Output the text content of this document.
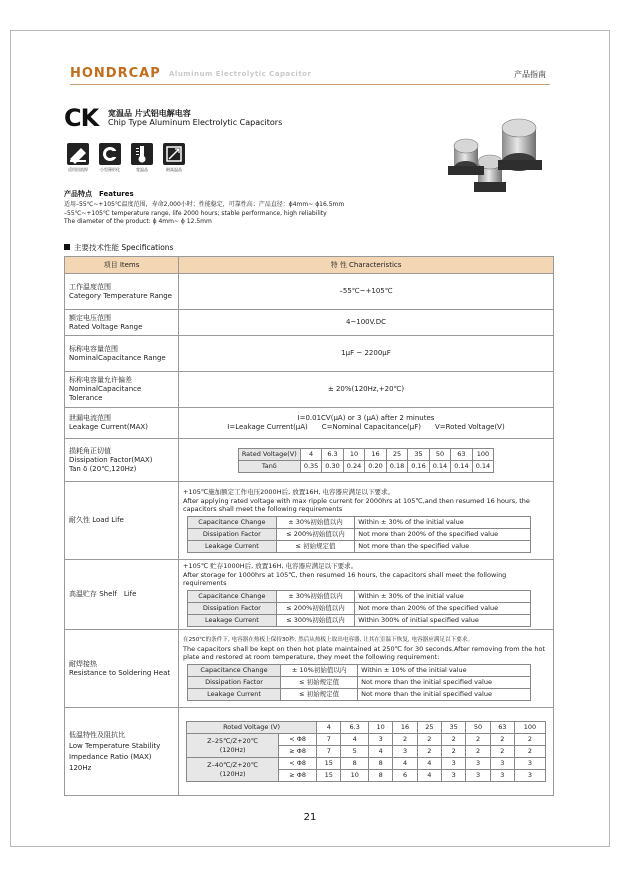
HONDRCAP Aluminum Electrolytic Capacitor	产品指南
CK 宽温品 片式铝电解电容
Chip Type Aluminum Electrolytic Capacitors
适用回流焊	小型薄形化	宽温品	耐高温品
产品特点　Features
适用–55℃~+105℃温度范围，寿命2,000小时；性能稳定，可靠性高；产品直径：ϕ4mm~ ϕ16.5mm
–55℃~+105℃ temperature range, life 2000 hours; stable performance, high reliability
The diameter of the product: ϕ 4mm~ ϕ 12.5mm
主要技术性能 Specifications
项目 Items	特 性 Characteristics

工作温度范围
Category Temperature Range
	–55℃~+105℃

额定电压范围
Rated Voltage Range
	4~100V.DC

标称电容量范围
NominalCapacitance Range
	1μF ~ 2200μF

标称电容量允许偏差
NominalCapacitance Tolerance
	± 20%(120Hz,+20℃)

泄漏电流范围
Leakage Current(MAX)

I=0.01CV(μA) or 3 (μA) after 2 minutes
I=Leakage Current(μA)　　C=Nominal Capacitance(μF)　　V=Roted Voltage(V)

损耗角正切值
Dissipation Factor(MAX)
Tan δ (20℃,120Hz)

Rated Voltage(V)	4	6.3	10	16	25	35	50	63	100
Tanδ	0.35	0.30	0.24	0.20	0.18	0.16	0.14	0.14	0.14

耐久性 Load Life	
+105℃施加额定工作电压2000H后, 放置16H, 电容器应满足以下要求。
After applying rated voltage with max ripple current for 2000hrs at 105℃,and then resumed 16 hours, the capacitors shall meet the following requirements
Capacitance Change	± 30%初始值以内	Within ± 30% of the initial value
Dissipation Factor	≤ 200%初始值以内	Not more than 200% of the specified value
Leakage Current	≤ 初始规定值	Not more than the specified value

高温贮存 Shelf　Life	
+105℃ 贮存1000H后, 放置16H, 电容器应满足以下要求。
After storage for 1000hrs at 105℃, then resumed 16 hours, the capacitors shall meet the following requirements
Capacitance Change	± 30%初始值以内	Within ± 30% of the initial value
Dissipation Factor	≤ 200%初始值以内	Not more than 200% of the specified value
Leakage Current	≤ 300%初始值以内	Within 300% of initial specified value

耐焊接热
Resistance to Soldering Heat

在250℃的条件下, 电容器在热板上保持30秒, 然后从热板上取出电容器, 让其在室温下恢复, 电容器应满足以下要求。
The capacitors shall be kept on then hot plate maintained at 250℃ for 30 seconds.After removing from the hot plate and restored at room temperature, they meet the following requirement:
Capacitance Change	± 10%初始值以内	Within ± 10% of the initial value
Dissipation Factor	≤ 初始规定值	Not more than the initial specified value
Leakage Current	≤ 初始规定值	Not more than the initial specified value

低温特性及阻抗比
Low Temperature Stability
Impedance Ratio (MAX)
120Hz

Roted Voltage (V)	4	6.3	10	16	25	35	50	63	100

Z–25℃/Z+20℃
(120Hz)
	< Φ8	7	4	3	2	2	2	2	2	2
≥ Φ8	7	5	4	3	2	2	2	2	2

Z–40℃/Z+20℃
(120Hz)
	< Φ8	15	8	8	4	4	3	3	3	3
≥ Φ8	15	10	8	6	4	3	3	3	3
21
